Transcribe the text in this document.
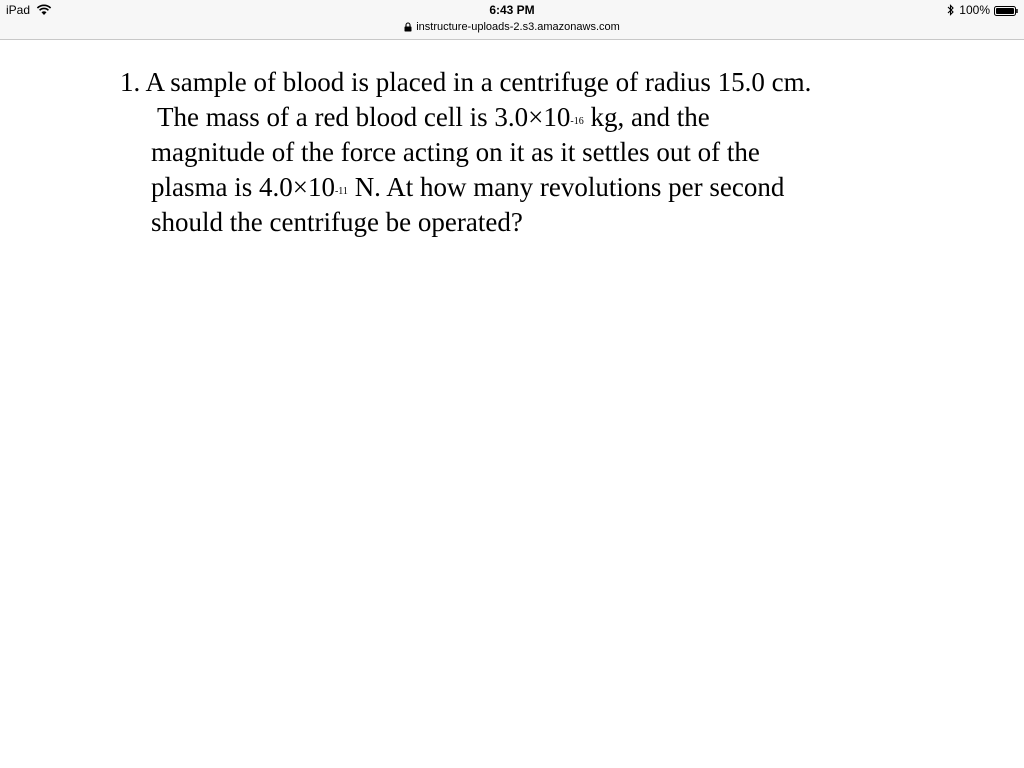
iPad	6:43 PM	100%
instructure-uploads-2.s3.amazonaws.com
1. A sample of blood is placed in a centrifuge of radius 15.0 cm.
The mass of a red blood cell is $3.0\times 10^{-16}$ kg, and the
magnitude of the force acting on it as it settles out of the
plasma is $4.0\times 10^{-11}$ N. At how many revolutions per second
should the centrifuge be operated?
